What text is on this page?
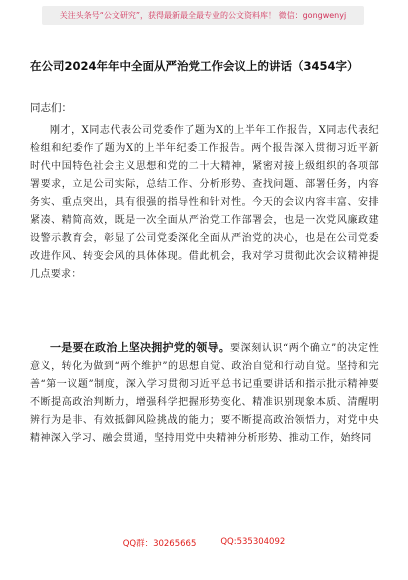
关注头条号“公文研究”，获得最新最全最专业的公文资料库！ 微信：gongwenyj
在公司2024年年中全面从严治党工作会议上的讲话（3454字）
同志们：

刚才，X同志代表公司党委作了题为X的上半年工作报告，X同志代表纪检组和纪委作了题为X的上半年纪委工作报告。两个报告深入贯彻习近平新时代中国特色社会主义思想和党的二十大精神，紧密对接上级组织的各项部署要求，立足公司实际，总结工作、分析形势、查找问题、部署任务，内容务实、重点突出，具有很强的指导性和针对性。今天的会议内容丰富、安排紧凑、精简高效，既是一次全面从严治党工作部署会，也是一次党风廉政建设警示教育会，彰显了公司党委深化全面从严治党的决心，也是在公司党委改进作风、转变会风的具体体现。借此机会，我对学习贯彻此次会议精神提几点要求：

一是要在政治上坚决拥护党的领导。要深刻认识“两个确立”的决定性意义，转化为做到“两个维护”的思想自觉、政治自觉和行动自觉。坚持和完善“第一议题”制度，深入学习贯彻习近平总书记重要讲话和指示批示精神要不断提高政治判断力，增强科学把握形势变化、精准识别现象本质、清醒明辨行为是非、有效抵御风险挑战的能力；要不断提高政治领悟力，对党中央精神深入学习、融会贯通，坚持用党中央精神分析形势、推动工作，始终同

QQ群：30265665	QQ:535304092
